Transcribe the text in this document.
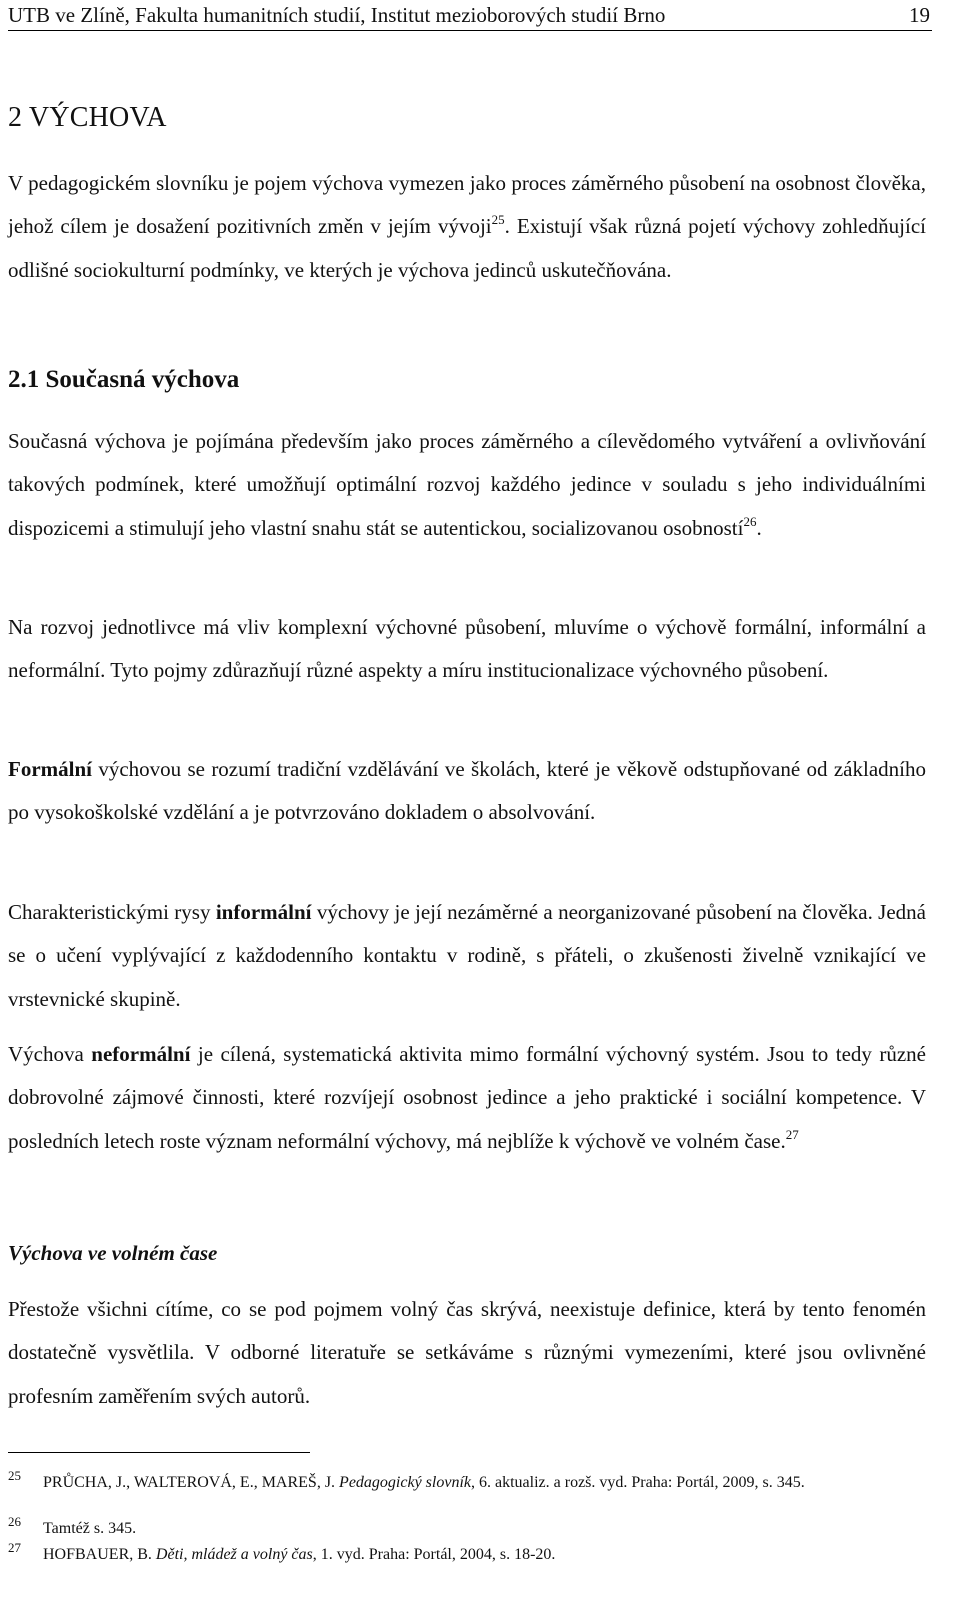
UTB ve Zlíně, Fakulta humanitních studií, Institut mezioborových studií Brno	19
2 VÝCHOVA

V pedagogickém slovníku je pojem výchova vymezen jako proces záměrného působení na osobnost člověka, jehož cílem je dosažení pozitivních změn v jejím vývoji$^{25}$. Existují však různá pojetí výchovy zohledňující odlišné sociokulturní podmínky, ve kterých je výchova jedinců uskutečňována.

2.1 Současná výchova

Současná výchova je pojímána především jako proces záměrného a cílevědomého vytváření a ovlivňování takových podmínek, které umožňují optimální rozvoj každého jedince v souladu s jeho individuálními dispozicemi a stimulují jeho vlastní snahu stát se autentickou, socializovanou osobností$^{26}$.

Na rozvoj jednotlivce má vliv komplexní výchovné působení, mluvíme o výchově formální, informální a neformální. Tyto pojmy zdůrazňují různé aspekty a míru institucionalizace výchovného působení.

Formální výchovou se rozumí tradiční vzdělávání ve školách, které je věkově odstupňované od základního po vysokoškolské vzdělání a je potvrzováno dokladem o absolvování.

Charakteristickými rysy informální výchovy je její nezáměrné a neorganizované působení na člověka. Jedná se o učení vyplývající z každodenního kontaktu v rodině, s přáteli, o zkušenosti živelně vznikající ve vrstevnické skupině.

Výchova neformální je cílená, systematická aktivita mimo formální výchovný systém. Jsou to tedy různé dobrovolné zájmové činnosti, které rozvíjejí osobnost jedince a jeho praktické i sociální kompetence. V posledních letech roste význam neformální výchovy, má nejblíže k výchově ve volném čase.$^{27}$

Výchova ve volném čase

Přestože všichni cítíme, co se pod pojmem volný čas skrývá, neexistuje definice, která by tento fenomén dostatečně vysvětlila. V odborné literatuře se setkáváme s různými vymezeními, které jsou ovlivněné profesním zaměřením svých autorů.

25 PRŮCHA, J., WALTEROVÁ, E., MAREŠ, J. Pedagogický slovník, 6. aktualiz. a rozš. vyd. Praha: Portál, 2009, s. 345.
26 Tamtéž s. 345.
27 HOFBAUER, B. Děti, mládež a volný čas, 1. vyd. Praha: Portál, 2004, s. 18-20.
